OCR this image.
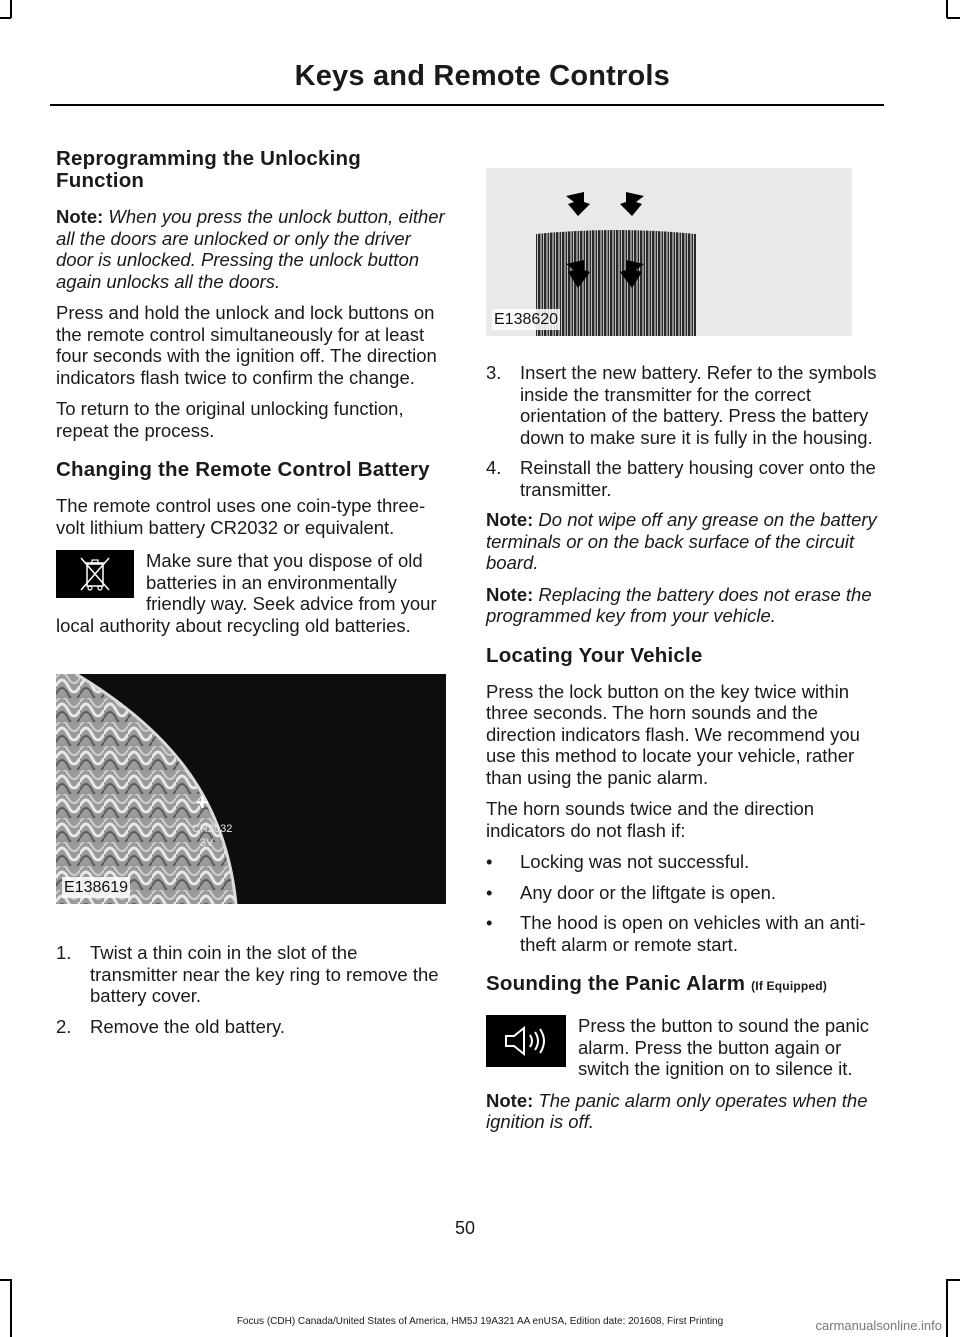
Keys and Remote Controls
Reprogramming the Unlocking Function

Note: When you press the unlock button, either all the doors are unlocked or only the driver door is unlocked. Pressing the unlock button again unlocks all the doors.

Press and hold the unlock and lock buttons on the remote control simultaneously for at least four seconds with the ignition off. The direction indicators flash twice to confirm the change.

To return to the original unlocking function, repeat the process.

Changing the Remote Control Battery

The remote control uses one coin-type three-volt lithium battery CR2032 or equivalent.

Make sure that you dispose of old batteries in an environmentally friendly way. Seek advice from your local authority about recycling old batteries.

+
CR2032
3V
E138619
1. Twist a thin coin in the slot of the transmitter near the key ring to remove the battery cover.
2. Remove the old battery.
E138620
3. Insert the new battery. Refer to the symbols inside the transmitter for the correct orientation of the battery. Press the battery down to make sure it is fully in the housing.
4. Reinstall the battery housing cover onto the transmitter.

Note: Do not wipe off any grease on the battery terminals or on the back surface of the circuit board.

Note: Replacing the battery does not erase the programmed key from your vehicle.

Locating Your Vehicle

Press the lock button on the key twice within three seconds. The horn sounds and the direction indicators flash. We recommend you use this method to locate your vehicle, rather than using the panic alarm.

The horn sounds twice and the direction indicators do not flash if:

• Locking was not successful.
• Any door or the liftgate is open.
• The hood is open on vehicles with an anti-theft alarm or remote start.
Sounding the Panic Alarm (If Equipped)

Press the button to sound the panic alarm. Press the button again or switch the ignition on to silence it.

Note: The panic alarm only operates when the ignition is off.

50
Focus (CDH) Canada/United States of America, HM5J 19A321 AA enUSA, Edition date: 201608, First Printing	carmanualsonline.info
